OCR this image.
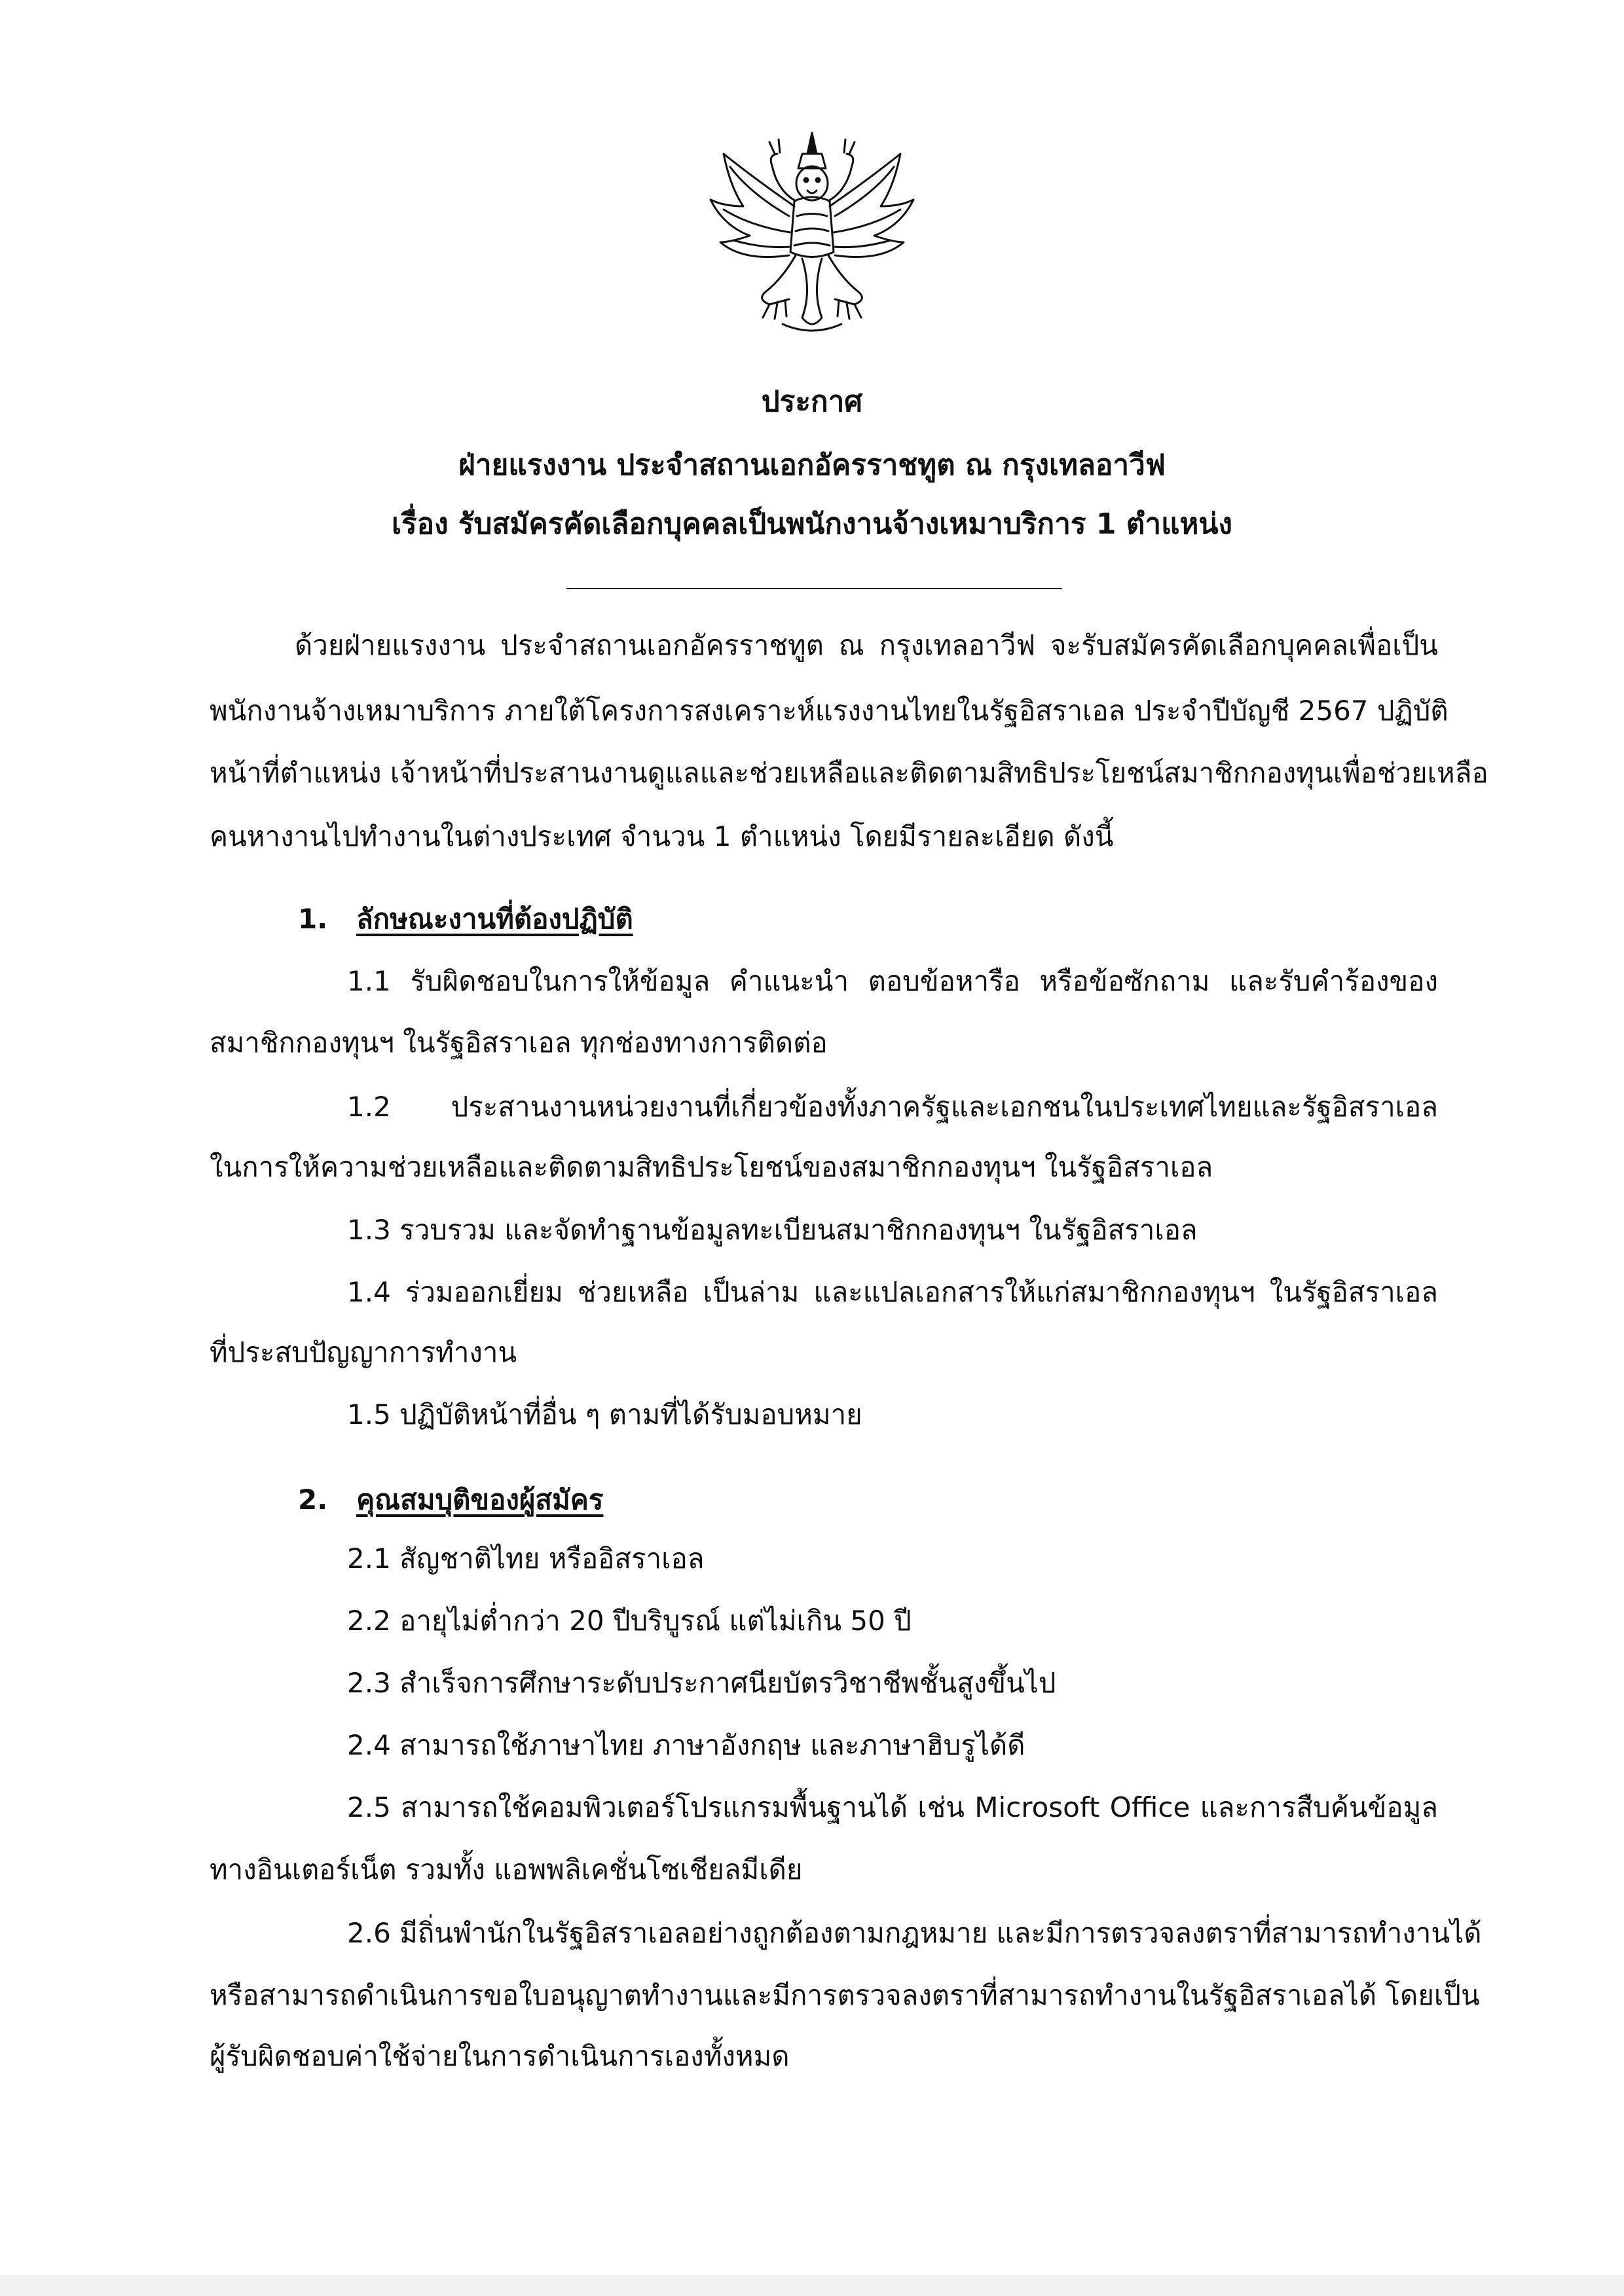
ประกาศ
ฝ่ายแรงงาน ประจำสถานเอกอัครราชทูต ณ กรุงเทลอาวีฟ
เรื่อง รับสมัครคัดเลือกบุคคลเป็นพนักงานจ้างเหมาบริการ 1 ตำแหน่ง
ด้วยฝ่ายแรงงาน ประจำสถานเอกอัครราชทูต ณ กรุงเทลอาวีฟ จะรับสมัครคัดเลือกบุคคลเพื่อเป็น
พนักงานจ้างเหมาบริการ ภายใต้โครงการสงเคราะห์แรงงานไทยในรัฐอิสราเอล ประจำปีบัญชี 2567 ปฏิบัติ
หน้าที่ตำแหน่ง เจ้าหน้าที่ประสานงานดูแลและช่วยเหลือและติดตามสิทธิประโยชน์สมาชิกกองทุนเพื่อช่วยเหลือ
คนหางานไปทำงานในต่างประเทศ จำนวน 1 ตำแหน่ง โดยมีรายละเอียด ดังนี้
1. ลักษณะงานที่ต้องปฏิบัติ
1.1 รับผิดชอบในการให้ข้อมูล คำแนะนำ ตอบข้อหารือ หรือข้อซักถาม และรับคำร้องของ
สมาชิกกองทุนฯ ในรัฐอิสราเอล ทุกช่องทางการติดต่อ
1.2 ประสานงานหน่วยงานที่เกี่ยวข้องทั้งภาครัฐและเอกชนในประเทศไทยและรัฐอิสราเอล
ในการให้ความช่วยเหลือและติดตามสิทธิประโยชน์ของสมาชิกกองทุนฯ ในรัฐอิสราเอล
1.3 รวบรวม และจัดทำฐานข้อมูลทะเบียนสมาชิกกองทุนฯ ในรัฐอิสราเอล
1.4 ร่วมออกเยี่ยม ช่วยเหลือ เป็นล่าม และแปลเอกสารให้แก่สมาชิกกองทุนฯ ในรัฐอิสราเอล
ที่ประสบปัญญาการทำงาน
1.5 ปฏิบัติหน้าที่อื่น ๆ ตามที่ได้รับมอบหมาย
2. คุณสมบุติของผู้สมัคร
2.1 สัญชาติไทย หรืออิสราเอล
2.2 อายุไม่ต่ำกว่า 20 ปีบริบูรณ์ แต่ไม่เกิน 50 ปี
2.3 สำเร็จการศึกษาระดับประกาศนียบัตรวิชาชีพชั้นสูงขึ้นไป
2.4 สามารถใช้ภาษาไทย ภาษาอังกฤษ และภาษาฮิบรูได้ดี
2.5 สามารถใช้คอมพิวเตอร์โปรแกรมพื้นฐานได้ เช่น Microsoft Office และการสืบค้นข้อมูล
ทางอินเตอร์เน็ต รวมทั้ง แอพพลิเคชั่นโซเชียลมีเดีย
2.6 มีถิ่นพำนักในรัฐอิสราเอลอย่างถูกต้องตามกฎหมาย และมีการตรวจลงตราที่สามารถทำงานได้
หรือสามารถดำเนินการขอใบอนุญาตทำงานและมีการตรวจลงตราที่สามารถทำงานในรัฐอิสราเอลได้ โดยเป็น
ผู้รับผิดชอบค่าใช้จ่ายในการดำเนินการเองทั้งหมด
